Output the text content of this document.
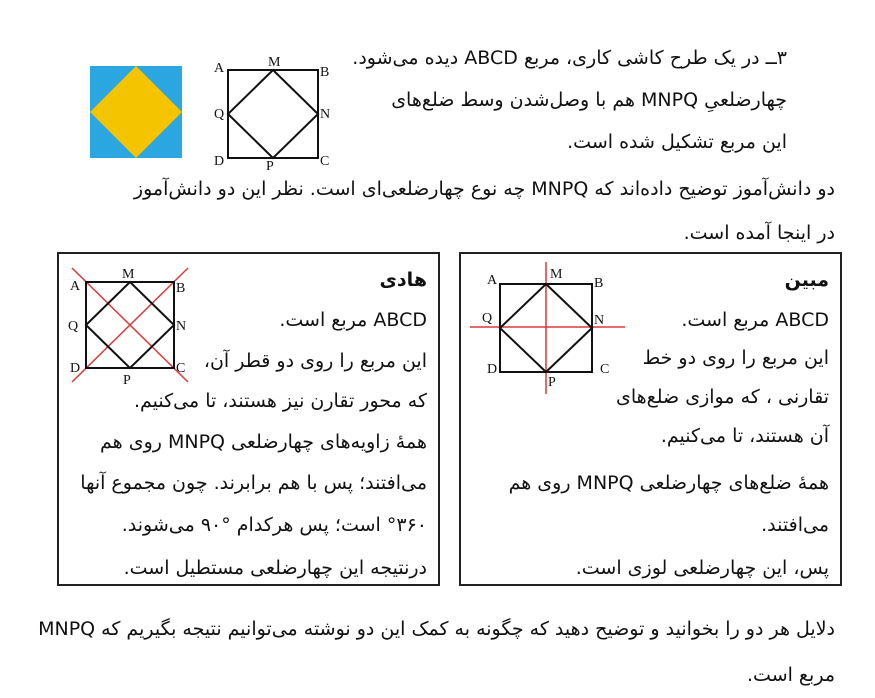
۳ــ در یک طرح کاشی کاری، مربع ABCD دیده می‌شود.
چهارضلعیِ MNPQ هم با وصل‌شدن وسط ضلع‌های
این مربع تشکیل شده است.
دو دانش‌آموز توضیح داده‌اند که MNPQ چه نوع چهارضلعی‌ای است. نظر این دو دانش‌آموز
در اینجا آمده است.
A	M
B
Q	N
D	P	C
مبین
ABCD مربع است.
این مربع را روی دو خط
تقارنی ، که موازی ضلع‌های
آن هستند، تا می‌کنیم.
همهٔ ضلع‌های چهارضلعی MNPQ روی هم
می‌افتند.
پس، این چهارضلعی لوزی است.
A	M
B
Q	N
D
P
C
هادی
ABCD مربع است.
این مربع را روی دو قطر آن،
که محور تقارن نیز هستند، تا می‌کنیم.
همهٔ زاویه‌های چهارضلعی MNPQ روی هم
می‌افتند؛ پس با هم برابرند. چون مجموع آنها
°۳۶۰ است؛ پس هرکدام °۹۰ می‌شوند.
درنتیجه این چهارضلعی مستطیل است.
A
M
B
Q	N
D
P
C
دلایل هر دو را بخوانید و توضیح دهید که چگونه به کمک این دو نوشته می‌توانیم نتیجه بگیریم که MNPQ
مربع است.
